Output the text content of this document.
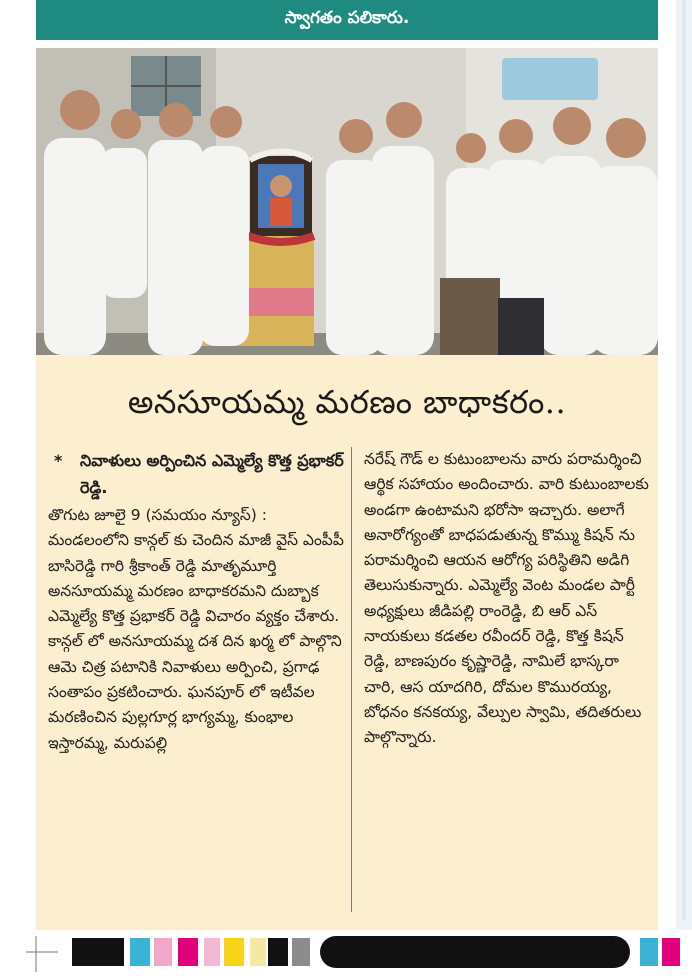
స్వాగతం పలికారు.
అనసూయమ్మ మరణం బాధాకరం..
*	నివాళులు అర్పించిన ఎమ్మెల్యే కొత్త ప్రభాకర్ రెడ్డి.

తొగుట జూలై 9 (సమయం న్యూస్) : మండలంలోని కాన్గల్ కు చెందిన మాజీ వైస్ ఎంపీపీ బాసిరెడ్డి గారి శ్రీకాంత్ రెడ్డి మాతృమూర్తి అనసూయమ్మ మరణం బాధాకరమని దుబ్బాక ఎమ్మెల్యే కొత్త ప్రభాకర్ రెడ్డి విచారం వ్యక్తం చేశారు. కాన్గల్ లో అనసూయమ్మ దశ దిన ఖర్మ లో పాల్గొని ఆమె చిత్ర పటానికి నివాళులు అర్పించి, ప్రగాఢ సంతాపం ప్రకటించారు. ఘనపూర్ లో ఇటీవల మరణించిన పుల్లగూర్ల భాగ్యమ్మ, కుంభాల ఇస్తారమ్మ, మరుపల్లి

నరేష్ గౌడ్ ల కుటుంబాలను వారు పరామర్శించి ఆర్థిక సహాయం అందించారు. వారి కుటుంబాలకు అండగా ఉంటామని భరోసా ఇచ్చారు. అలాగే అనారోగ్యంతో బాధపడుతున్న కొమ్ము కిషన్ ను పరామర్శించి ఆయన ఆరోగ్య పరిస్థితిని అడిగి తెలుసుకున్నారు. ఎమ్మెల్యే వెంట మండల పార్టీ అధ్యక్షులు జీడిపల్లి రాంరెడ్డి, బి ఆర్ ఎస్ నాయకులు కడతల రవీందర్ రెడ్డి, కొత్త కిషన్ రెడ్డి, బాణపురం కృష్ణారెడ్డి, నామిలే భాస్కరా చారి, ఆస యాదగిరి, దోమల కొమురయ్య, బోధనం కనకయ్య, వేల్పుల స్వామి, తదితరులు పాల్గొన్నారు.
